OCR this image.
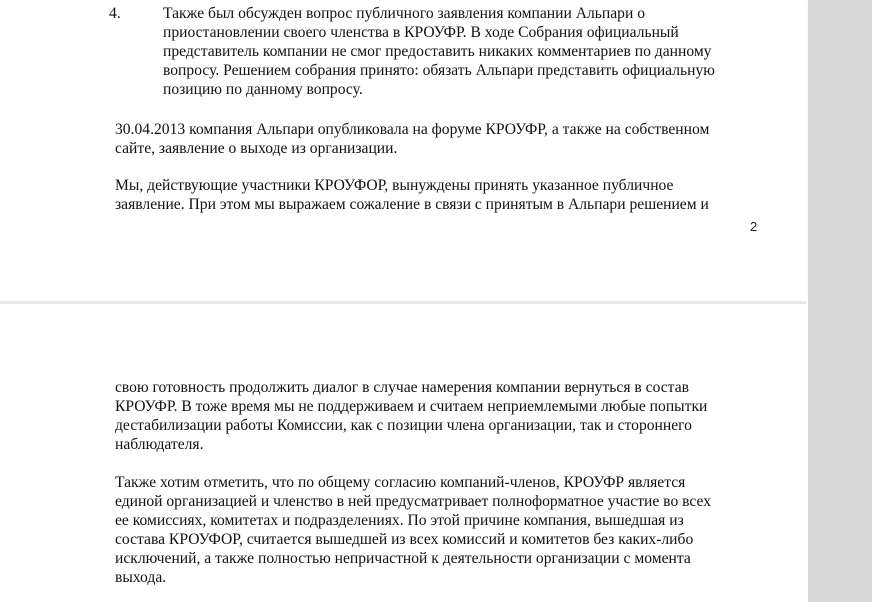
4.	Также был обсужден вопрос публичного заявления компании Альпари о
приостановлении своего членства в КРОУФР. В ходе Собрания официальный
представитель компании не смог предоставить никаких комментариев по данному
вопросу. Решением собрания принято: обязать Альпари представить официальную
позицию по данному вопросу.
30.04.2013 компания Альпари опубликовала на форуме КРОУФР, а также на собственном
сайте, заявление о выходе из организации.
Мы, действующие участники КРОУФОР, вынуждены принять указанное публичное
заявление. При этом мы выражаем сожаление в связи с принятым в Альпари решением и
2
свою готовность продолжить диалог в случае намерения компании вернуться в состав
КРОУФР. В тоже время мы не поддерживаем и считаем неприемлемыми любые попытки
дестабилизации работы Комиссии, как с позиции члена организации, так и стороннего
наблюдателя.
Также хотим отметить, что по общему согласию компаний-членов, КРОУФР является
единой организацией и членство в ней предусматривает полноформатное участие во всех
ее комиссиях, комитетах и подразделениях. По этой причине компания, вышедшая из
состава КРОУФОР, считается вышедшей из всех комиссий и комитетов без каких-либо
исключений, а также полностью непричастной к деятельности организации с момента
выхода.
